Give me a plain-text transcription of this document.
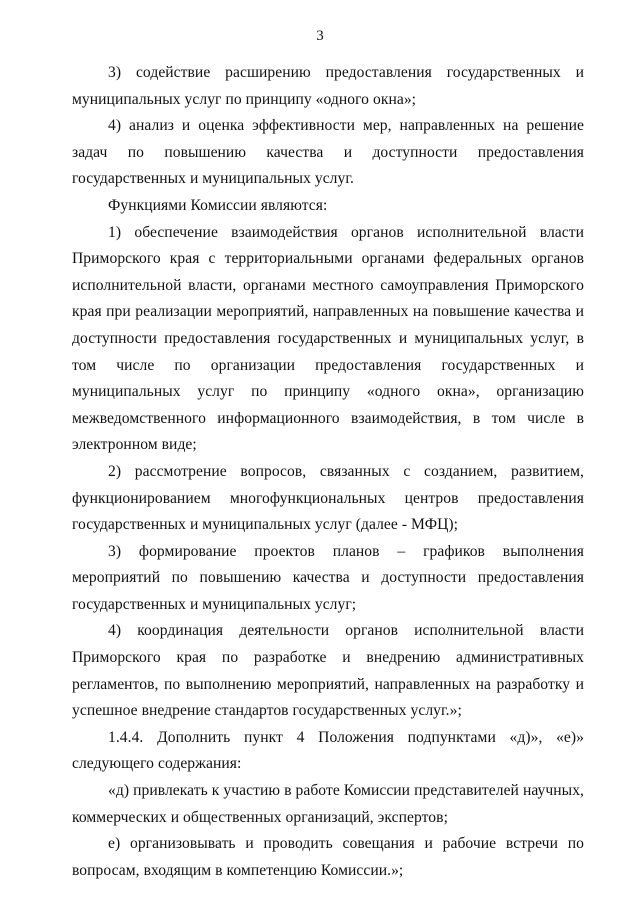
3

3) содействие расширению предоставления государственных и муниципальных услуг по принципу «одного окна»;

4) анализ и оценка эффективности мер, направленных на решение задач по повышению качества и доступности предоставления государственных и муниципальных услуг.

Функциями Комиссии являются:

1) обеспечение взаимодействия органов исполнительной власти Приморского края с территориальными органами федеральных органов исполнительной власти, органами местного самоуправления Приморского края при реализации мероприятий, направленных на повышение качества и доступности предоставления государственных и муниципальных услуг, в том числе по организации предоставления государственных и муниципальных услуг по принципу «одного окна», организацию межведомственного информационного взаимодействия, в том числе в электронном виде;

2) рассмотрение вопросов, связанных с созданием, развитием, функционированием многофункциональных центров предоставления государственных и муниципальных услуг (далее - МФЦ);

3) формирование проектов планов – графиков выполнения мероприятий по повышению качества и доступности предоставления государственных и муниципальных услуг;

4) координация деятельности органов исполнительной власти Приморского края по разработке и внедрению административных регламентов, по выполнению мероприятий, направленных на разработку и успешное внедрение стандартов государственных услуг.»;

1.4.4. Дополнить пункт 4 Положения подпунктами «д)», «е)» следующего содержания:

«д) привлекать к участию в работе Комиссии представителей научных, коммерческих и общественных организаций, экспертов;

е) организовывать и проводить совещания и рабочие встречи по вопросам, входящим в компетенцию Комиссии.»;
